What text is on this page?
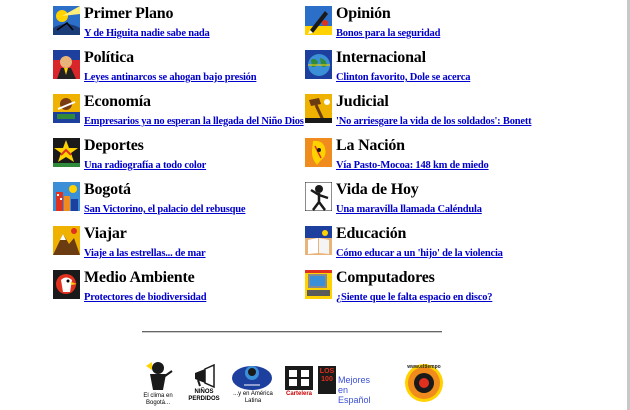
Primer Plano
Y de Higuita nadie sabe nada
Política
Leyes antinarcos se ahogan bajo presión
Economía
Empresarios ya no esperan la llegada del Niño Dios
Deportes
Una radiografía a todo color
Bogotá
San Victorino, el palacio del rebusque
Viajar
Viaje a las estrellas... de mar
Medio Ambiente
Protectores de biodiversidad
Opinión
Bonos para la seguridad
Internacional
Clinton favorito, Dole se acerca
Judicial
'No arriesgare la vida de los soldados': Bonett
La Nación
Vía Pasto-Mocoa: 148 km de miedo
Vida de Hoy
Una maravilla llamada Caléndula
Educación
Cómo educar a un 'hijo' de la violencia
Computadores
¿Siente que le falta espacio en disco?
El clima en Bogotá...
NIÑOS PERDIDOS
...y en América Latina
Cartelera
LOS 100 Mejores en Español
www.eltiempo
